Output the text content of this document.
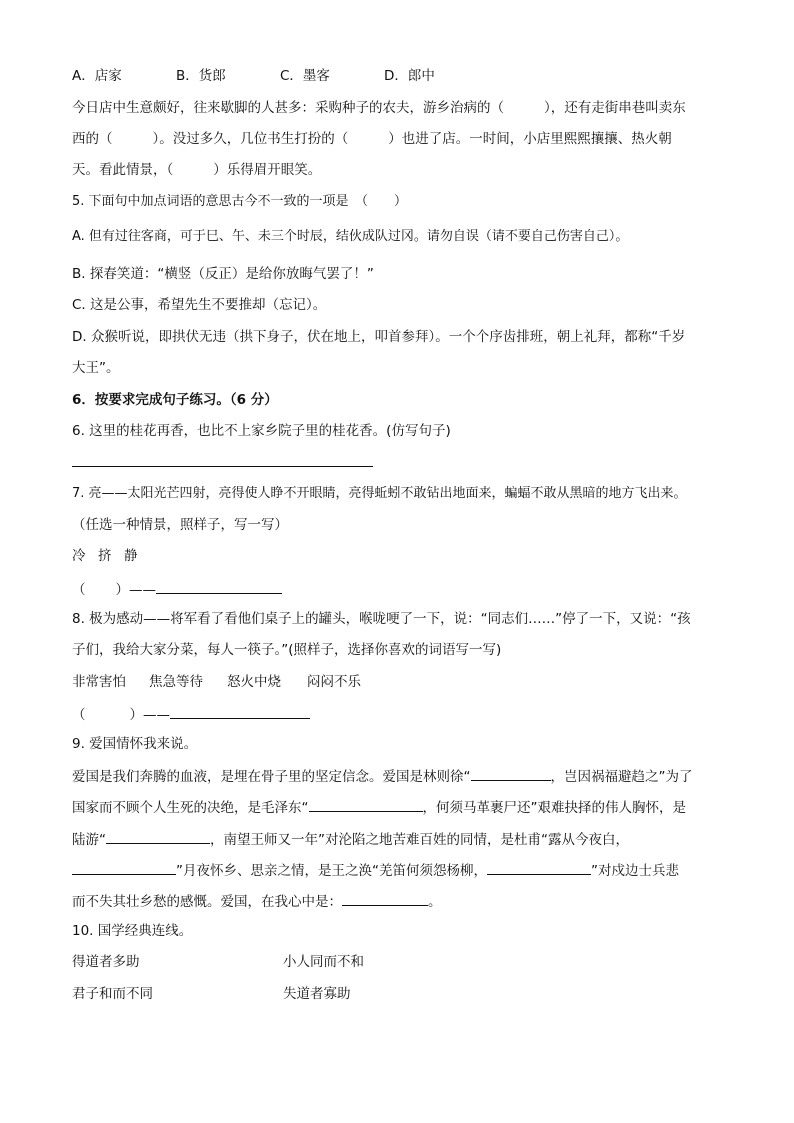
A．店家	B．货郎	C．墨客	D．郎中
今日店中生意颇好，往来歇脚的人甚多：采购种子的农夫，游乡治病的（	），还有走街串巷叫卖东
西的（	）。没过多久，几位书生打扮的（	）也进了店。一时间，小店里熙熙攘攘、热火朝
天。看此情景，（	）乐得眉开眼笑。
5. 下面句中加点词语的意思古今不一致的一项是　（　　）
A. 但有过往客商，可于巳、午、未三个时辰，结伙成队过冈。请勿自误（请不要自己伤害自己）。
B. 探春笑道：“横竖（反正）是给你放晦气罢了！”
C. 这是公事，希望先生不要推却（忘记）。
D. 众猴听说，即拱伏无违（拱下身子，伏在地上，叩首参拜）。一个个序齿排班，朝上礼拜，都称“千岁
大王”。
6．按要求完成句子练习。（6 分）
6. 这里的桂花再香，也比不上家乡院子里的桂花香。(仿写句子)
7. 亮——太阳光芒四射，亮得使人睁不开眼睛，亮得蚯蚓不敢钻出地面来，蝙蝠不敢从黑暗的地方飞出来。
（任选一种情景，照样子，写一写）
冷 挤 静
（ ）——
8. 极为感动——将军看了看他们桌子上的罐头，喉咙哽了一下，说：“同志们……”停了一下，又说：“孩
子们，我给大家分菜，每人一筷子。”(照样子，选择你喜欢的词语写一写)
非常害怕 焦急等待 怒火中烧 闷闷不乐
（	）——
9. 爱国情怀我来说。
爱国是我们奔腾的血液，是埋在骨子里的坚定信念。爱国是林则徐“	，岂因祸福避趋之”为了
国家而不顾个人生死的决绝，是毛泽东“	，何须马革裹尸还”艰难抉择的伟人胸怀，是
陆游“	，南望王师又一年”对沦陷之地苦难百姓的同情，是杜甫“露从今夜白，
”月夜怀乡、思亲之情，是王之涣“羌笛何须怨杨柳，	”对戍边士兵悲
而不失其壮乡愁的感慨。爱国，在我心中是：	。
10. 国学经典连线。
得道者多助	小人同而不和
君子和而不同	失道者寡助
